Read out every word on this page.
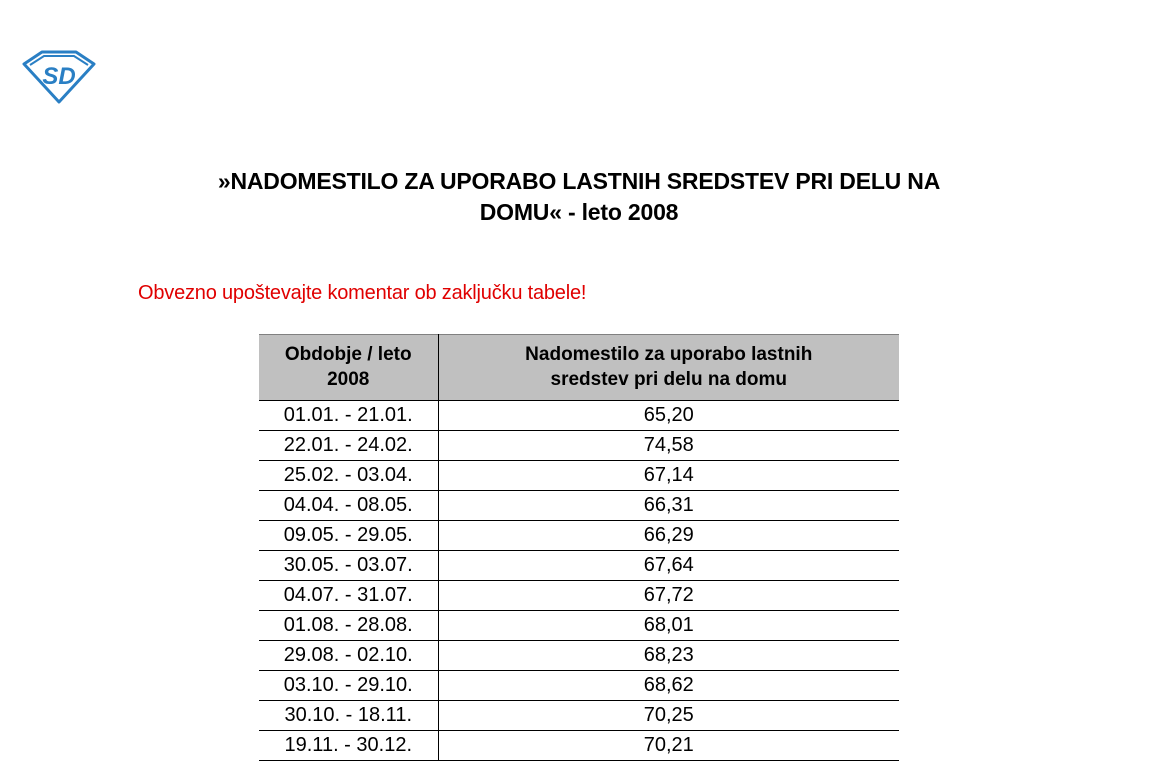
SD
»NADOMESTILO ZA UPORABO LASTNIH SREDSTEV PRI DELU NA
DOMU« - leto 2008
Obvezno upoštevajte komentar ob zaključku tabele!
Obdobje / leto
2008	Nadomestilo za uporabo lastnih
sredstev pri delu na domu

01.01. - 21.01.	65,20
22.01. - 24.02.	74,58
25.02. - 03.04.	67,14
04.04. - 08.05.	66,31
09.05. - 29.05.	66,29
30.05. - 03.07.	67,64
04.07. - 31.07.	67,72
01.08. - 28.08.	68,01
29.08. - 02.10.	68,23
03.10. - 29.10.	68,62
30.10. - 18.11.	70,25
19.11. - 30.12.	70,21
